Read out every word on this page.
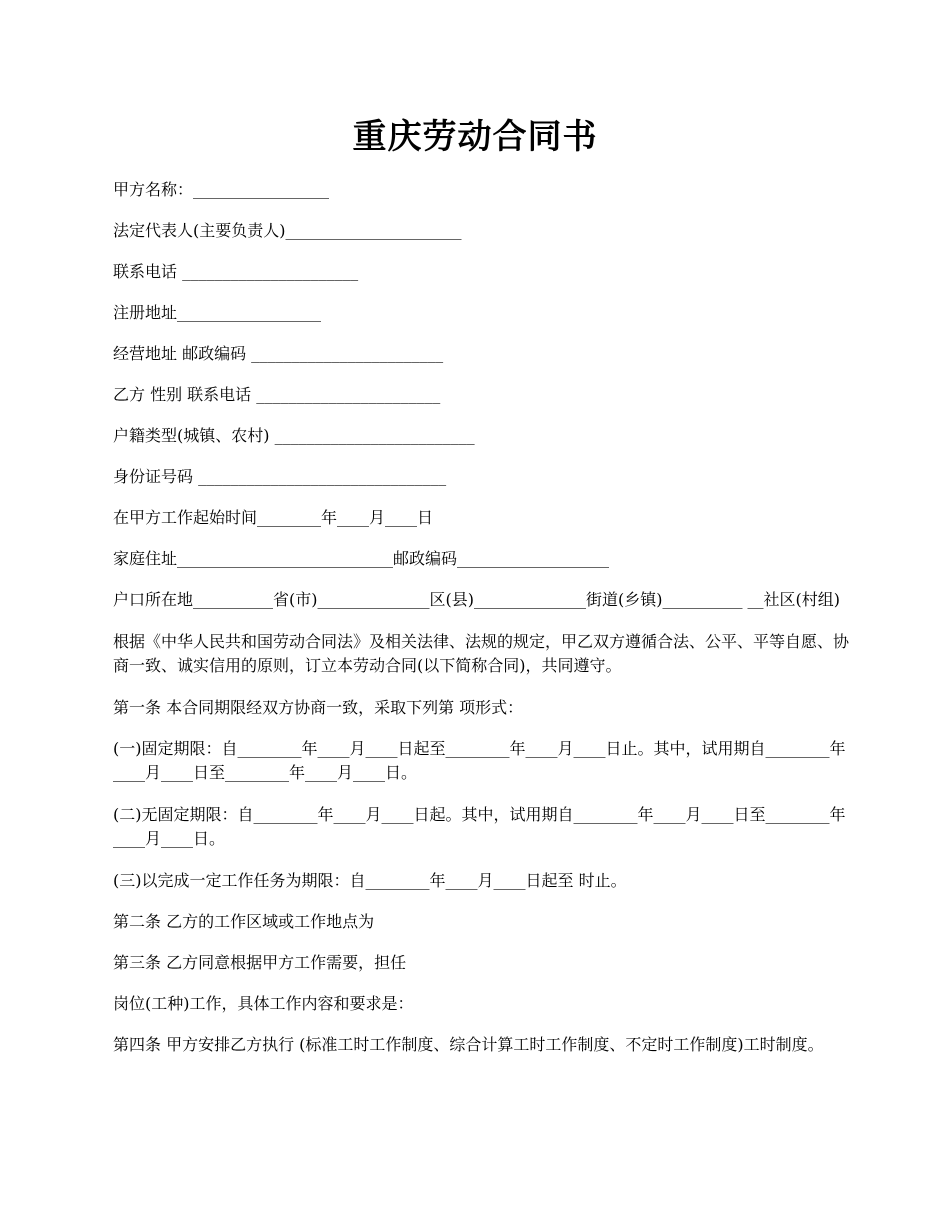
重庆劳动合同书

甲方名称：_________________

法定代表人(主要负责人)______________________

联系电话 ______________________

注册地址__________________

经营地址 邮政编码 ________________________

乙方 性别 联系电话 _______________________

户籍类型(城镇、农村) _________________________

身份证号码 _______________________________

在甲方工作起始时间________年____月____日

家庭住址___________________________邮政编码___________________

户口所在地__________省(市)______________区(县)______________街道(乡镇)__________ __社区(村组)

根据《中华人民共和国劳动合同法》及相关法律、法规的规定，甲乙双方遵循合法、公平、平等自愿、协商一致、诚实信用的原则，订立本劳动合同(以下简称合同)，共同遵守。

第一条 本合同期限经双方协商一致，采取下列第 项形式：

(一)固定期限：自________年____月____日起至________年____月____日止。其中，试用期自________年____月____日至________年____月____日。

(二)无固定期限：自________年____月____日起。其中，试用期自________年____月____日至________年____月____日。

(三)以完成一定工作任务为期限：自________年____月____日起至 时止。

第二条 乙方的工作区域或工作地点为

第三条 乙方同意根据甲方工作需要，担任

岗位(工种)工作，具体工作内容和要求是：

第四条 甲方安排乙方执行 (标准工时工作制度、综合计算工时工作制度、不定时工作制度)工时制度。
